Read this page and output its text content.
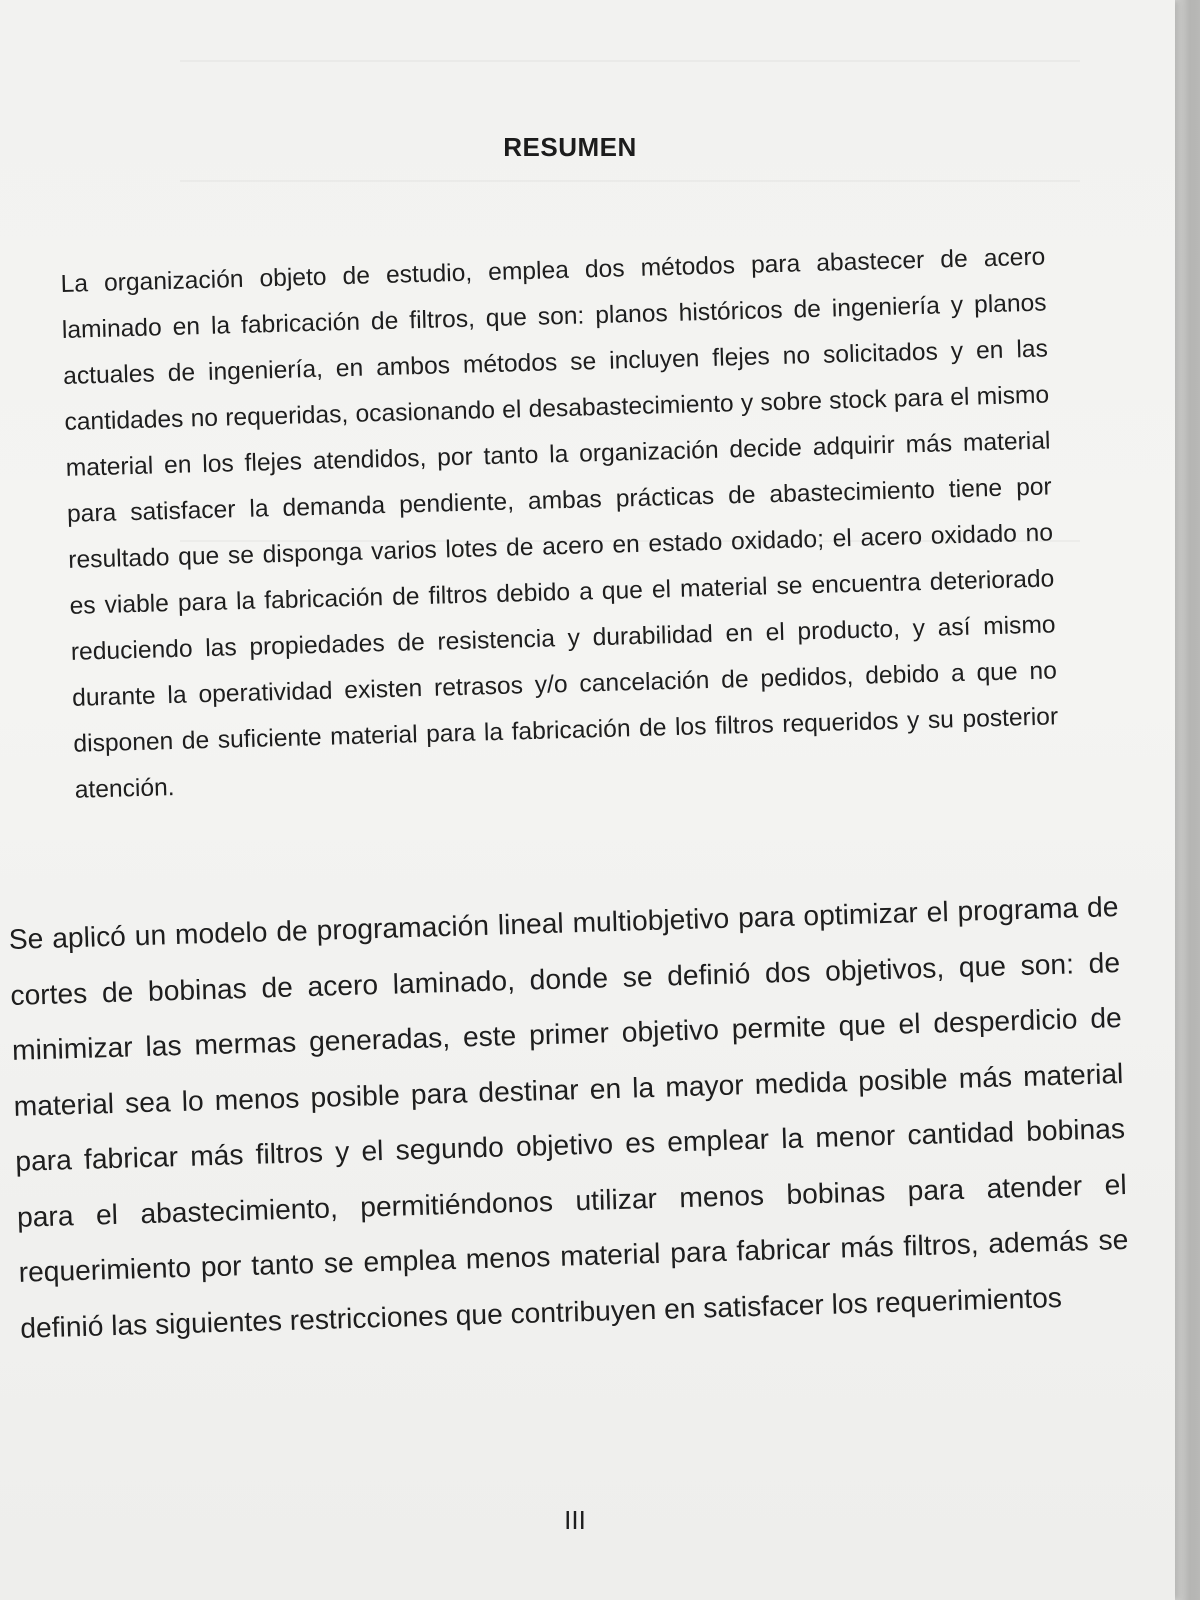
RESUMEN

La organización objeto de estudio, emplea dos métodos para abastecer de acero laminado en la fabricación de filtros, que son: planos históricos de ingeniería y planos actuales de ingeniería, en ambos métodos se incluyen flejes no solicitados y en las cantidades no requeridas, ocasionando el desabastecimiento y sobre stock para el mismo material en los flejes atendidos, por tanto la organización decide adquirir más material para satisfacer la demanda pendiente, ambas prácticas de abastecimiento tiene por resultado que se disponga varios lotes de acero en estado oxidado; el acero oxidado no es viable para la fabricación de filtros debido a que el material se encuentra deteriorado reduciendo las propiedades de resistencia y durabilidad en el producto, y así mismo durante la operatividad existen retrasos y/o cancelación de pedidos, debido a que no disponen de suficiente material para la fabricación de los filtros requeridos y su posterior atención.

Se aplicó un modelo de programación lineal multiobjetivo para optimizar el programa de cortes de bobinas de acero laminado, donde se definió dos objetivos, que son: de minimizar las mermas generadas, este primer objetivo permite que el desperdicio de material sea lo menos posible para destinar en la mayor medida posible más material para fabricar más filtros y el segundo objetivo es emplear la menor cantidad bobinas para el abastecimiento, permitiéndonos utilizar menos bobinas para atender el requerimiento por tanto se emplea menos material para fabricar más filtros, además se definió las siguientes restricciones que contribuyen en satisfacer los requerimientos

III
